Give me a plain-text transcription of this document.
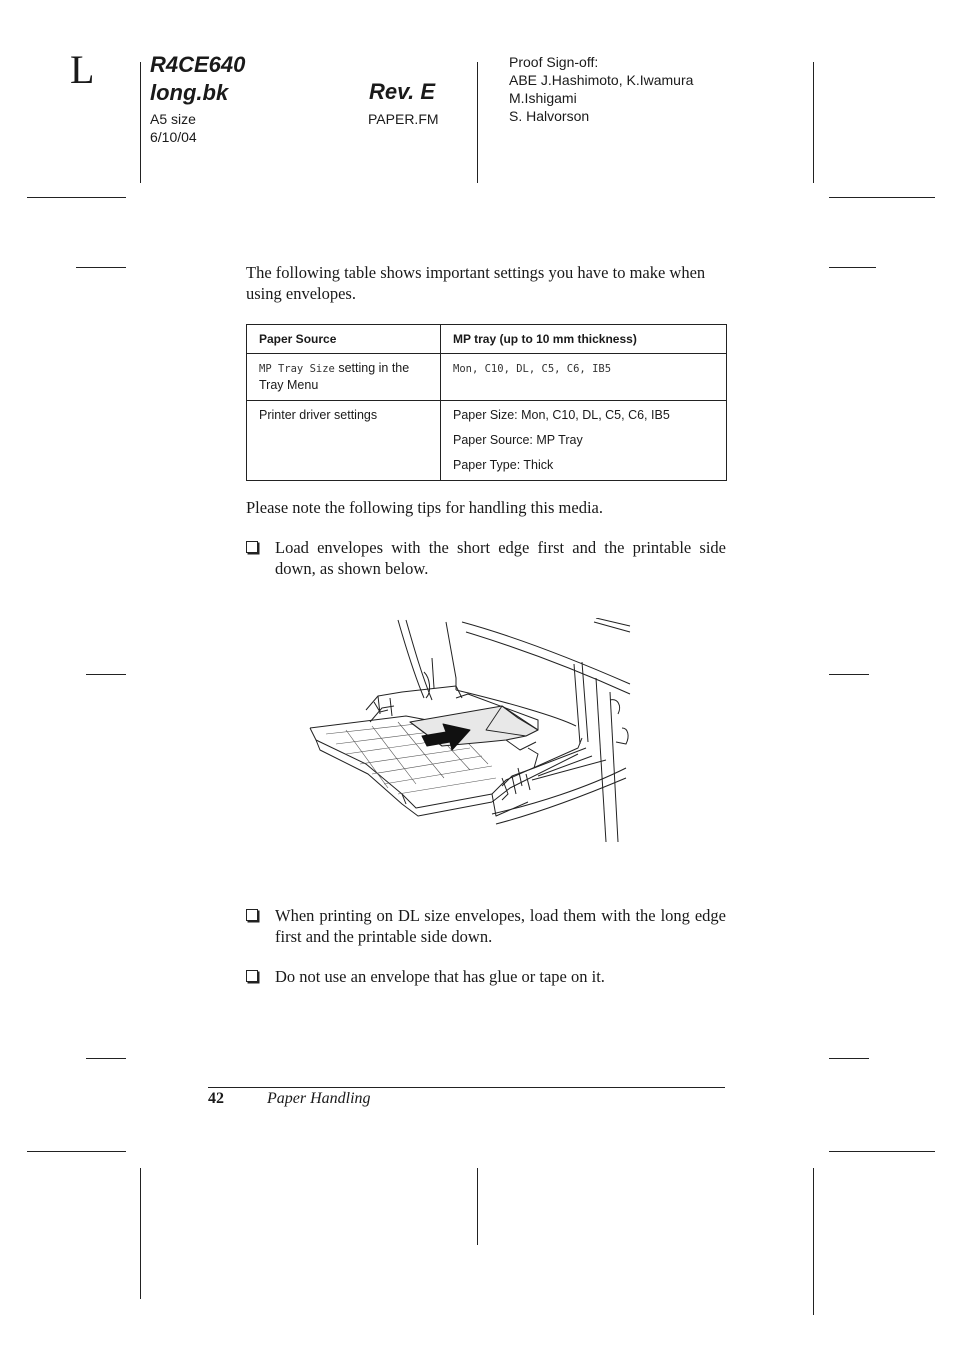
L	R4CE640
long.bk	Rev. E
A5 size
6/10/04
PAPER.FM
Proof Sign-off:
ABE J.Hashimoto, K.Iwamura
M.Ishigami
S. Halvorson
The following table shows important settings you have to make when using envelopes.
Paper Source	MP tray (up to 10 mm thickness)
MP Tray Size setting in the Tray Menu	Mon, C10, DL, C5, C6, IB5
Printer driver settings	Paper Size: Mon, C10, DL, C5, C6, IB5
Paper Source: MP Tray
Paper Type: Thick
Please note the following tips for handling this media.
Load envelopes with the short edge first and the printable side down, as shown below.
When printing on DL size envelopes, load them with the long edge first and the printable side down.
Do not use an envelope that has glue or tape on it.
42	Paper Handling
